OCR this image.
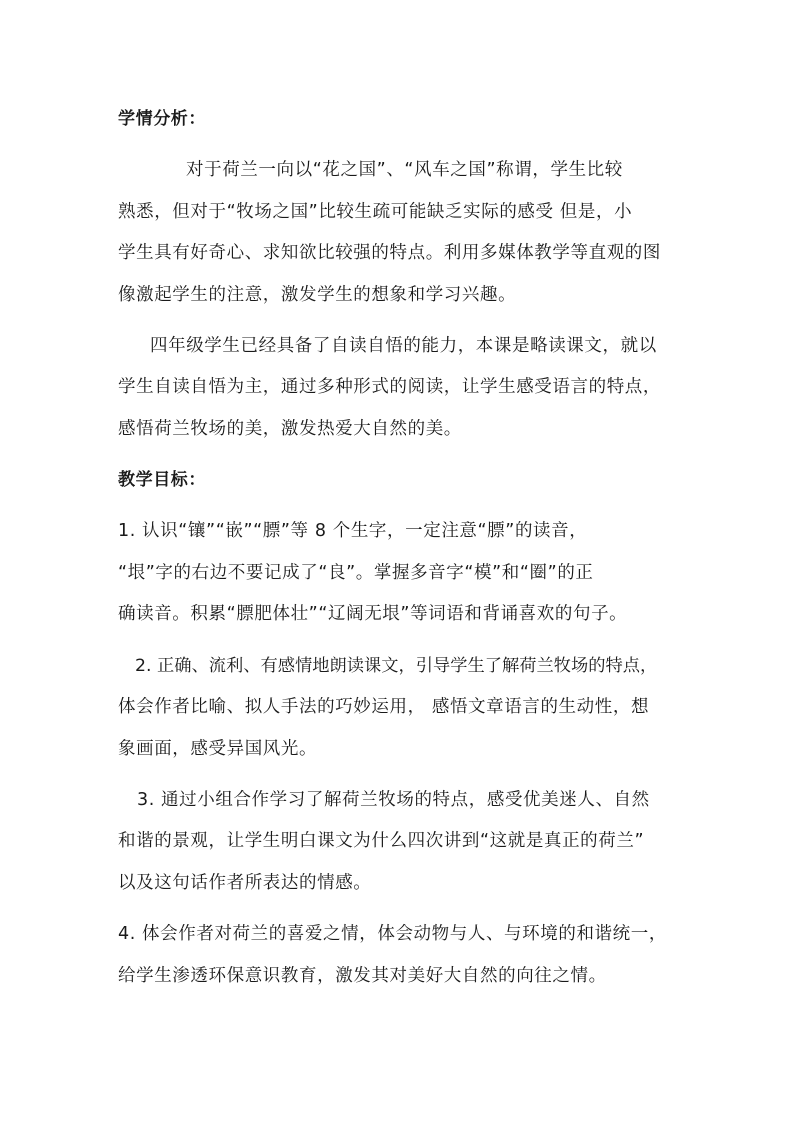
学情分析：
对于荷兰一向以“花之国”、“风车之国”称谓，学生比较
熟悉，但对于“牧场之国”比较生疏可能缺乏实际的感受 但是，小
学生具有好奇心、求知欲比较强的特点。利用多媒体教学等直观的图
像激起学生的注意，激发学生的想象和学习兴趣。
四年级学生已经具备了自读自悟的能力，本课是略读课文，就以
学生自读自悟为主，通过多种形式的阅读，让学生感受语言的特点，
感悟荷兰牧场的美，激发热爱大自然的美。
教学目标：
1. 认识“镶”“嵌”“膘”等 8 个生字，一定注意“膘”的读音，
“垠”字的右边不要记成了“良”。掌握多音字“模”和“圈”的正
确读音。积累“膘肥体壮”“辽阔无垠”等词语和背诵喜欢的句子。
2. 正确、流利、有感情地朗读课文，引导学生了解荷兰牧场的特点，
体会作者比喻、拟人手法的巧妙运用， 感悟文章语言的生动性，想
象画面，感受异国风光。
3. 通过小组合作学习了解荷兰牧场的特点，感受优美迷人、自然
和谐的景观，让学生明白课文为什么四次讲到“这就是真正的荷兰”
以及这句话作者所表达的情感。
4. 体会作者对荷兰的喜爱之情，体会动物与人、与环境的和谐统一，
给学生渗透环保意识教育，激发其对美好大自然的向往之情。
